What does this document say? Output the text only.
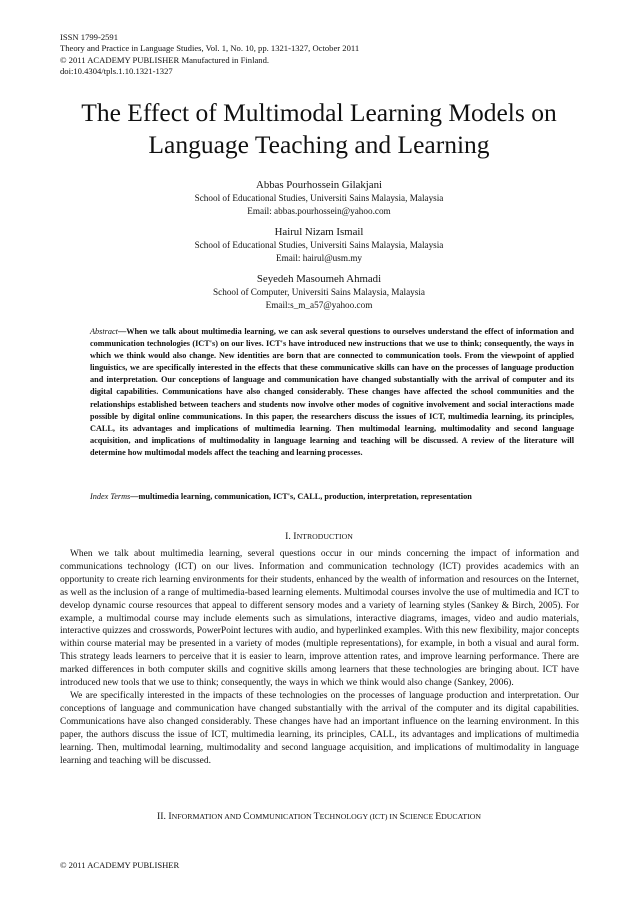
ISSN 1799-2591
Theory and Practice in Language Studies, Vol. 1, No. 10, pp. 1321-1327, October 2011
© 2011 ACADEMY PUBLISHER Manufactured in Finland.
doi:10.4304/tpls.1.10.1321-1327
The Effect of Multimodal Learning Models on
Language Teaching and Learning
Abbas Pourhossein Gilakjani
School of Educational Studies, Universiti Sains Malaysia, Malaysia
Email: abbas.pourhossein@yahoo.com
Hairul Nizam Ismail
School of Educational Studies, Universiti Sains Malaysia, Malaysia
Email: hairul@usm.my
Seyedeh Masoumeh Ahmadi
School of Computer, Universiti Sains Malaysia, Malaysia
Email:s_m_a57@yahoo.com
Abstract—When we talk about multimedia learning, we can ask several questions to ourselves understand the effect of information and communication technologies (ICT's) on our lives. ICT's have introduced new instructions that we use to think; consequently, the ways in which we think would also change. New identities are born that are connected to communication tools. From the viewpoint of applied linguistics, we are specifically interested in the effects that these communicative skills can have on the processes of language production and interpretation. Our conceptions of language and communication have changed substantially with the arrival of computer and its digital capabilities. Communications have also changed considerably. These changes have affected the school communities and the relationships established between teachers and students now involve other modes of cognitive involvement and social interactions made possible by digital online communications. In this paper, the researchers discuss the issues of ICT, multimedia learning, its principles, CALL, its advantages and implications of multimedia learning. Then multimodal learning, multimodality and second language acquisition, and implications of multimodality in language learning and teaching will be discussed. A review of the literature will determine how multimodal models affect the teaching and learning processes.
Index Terms—multimedia learning, communication, ICT's, CALL, production, interpretation, representation
I. INTRODUCTION

When we talk about multimedia learning, several questions occur in our minds concerning the impact of information and communications technology (ICT) on our lives. Information and communication technology (ICT) provides academics with an opportunity to create rich learning environments for their students, enhanced by the wealth of information and resources on the Internet, as well as the inclusion of a range of multimedia-based learning elements. Multimodal courses involve the use of multimedia and ICT to develop dynamic course resources that appeal to different sensory modes and a variety of learning styles (Sankey & Birch, 2005). For example, a multimodal course may include elements such as simulations, interactive diagrams, images, video and audio materials, interactive quizzes and crosswords, PowerPoint lectures with audio, and hyperlinked examples. With this new flexibility, major concepts within course material may be presented in a variety of modes (multiple representations), for example, in both a visual and aural form. This strategy leads learners to perceive that it is easier to learn, improve attention rates, and improve learning performance. There are marked differences in both computer skills and cognitive skills among learners that these technologies are bringing about. ICT have introduced new tools that we use to think; consequently, the ways in which we think would also change (Sankey, 2006).

We are specifically interested in the impacts of these technologies on the processes of language production and interpretation. Our conceptions of language and communication have changed substantially with the arrival of the computer and its digital capabilities. Communications have also changed considerably. These changes have had an important influence on the learning environment. In this paper, the authors discuss the issue of ICT, multimedia learning, its principles, CALL, its advantages and implications of multimedia learning. Then, multimodal learning, multimodality and second language acquisition, and implications of multimodality in language learning and teaching will be discussed.

II. INFORMATION AND COMMUNICATION TECHNOLOGY (ICT) IN SCIENCE EDUCATION
© 2011 ACADEMY PUBLISHER
